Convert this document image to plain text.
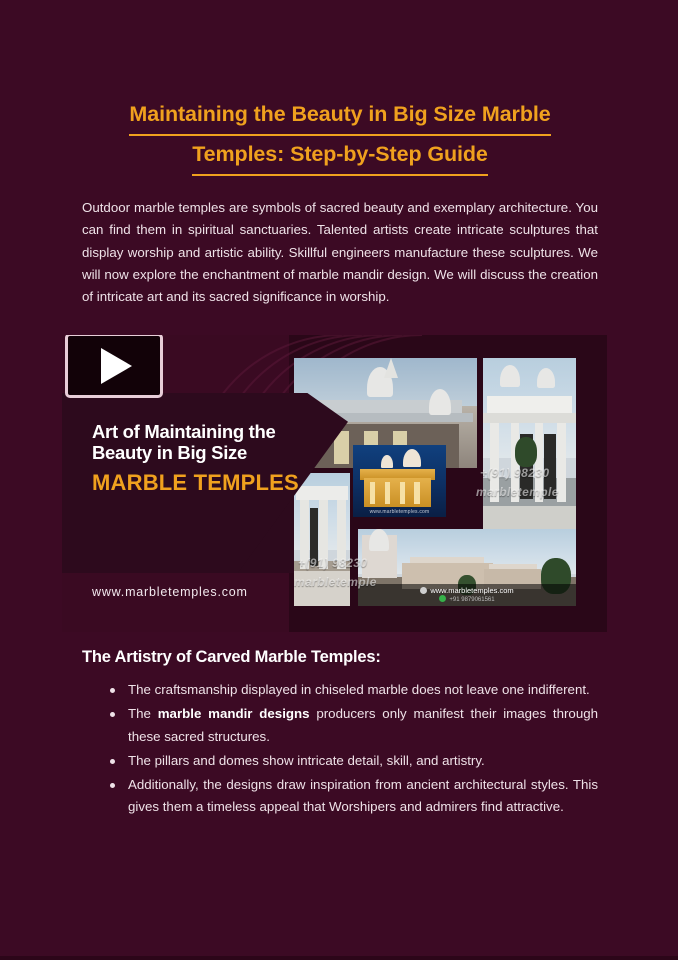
Maintaining the Beauty in Big Size Marble
Temples: Step-by-Step Guide

Outdoor marble temples are symbols of sacred beauty and exemplary architecture. You can find them in spiritual sanctuaries. Talented artists create intricate sculptures that display worship and artistic ability. Skillful engineers manufacture these sculptures. We will now explore the enchantment of marble mandir design. We will discuss the creation of intricate art and its sacred significance in worship.

www.marbletemples.com
www.marbletemples.com
+91 9879061561
+(91) 98230
marbletemple
+(91) 98230
marbletemple
Art of Maintaining the Beauty in Big Size
MARBLE TEMPLES
www.marbletemples.com
The Artistry of Carved Marble Temples:
The craftsmanship displayed in chiseled marble does not leave one indifferent.
The marble mandir designs producers only manifest their images through these sacred structures.
The pillars and domes show intricate detail, skill, and artistry.
Additionally, the designs draw inspiration from ancient architectural styles. This gives them a timeless appeal that Worshipers and admirers find attractive.
